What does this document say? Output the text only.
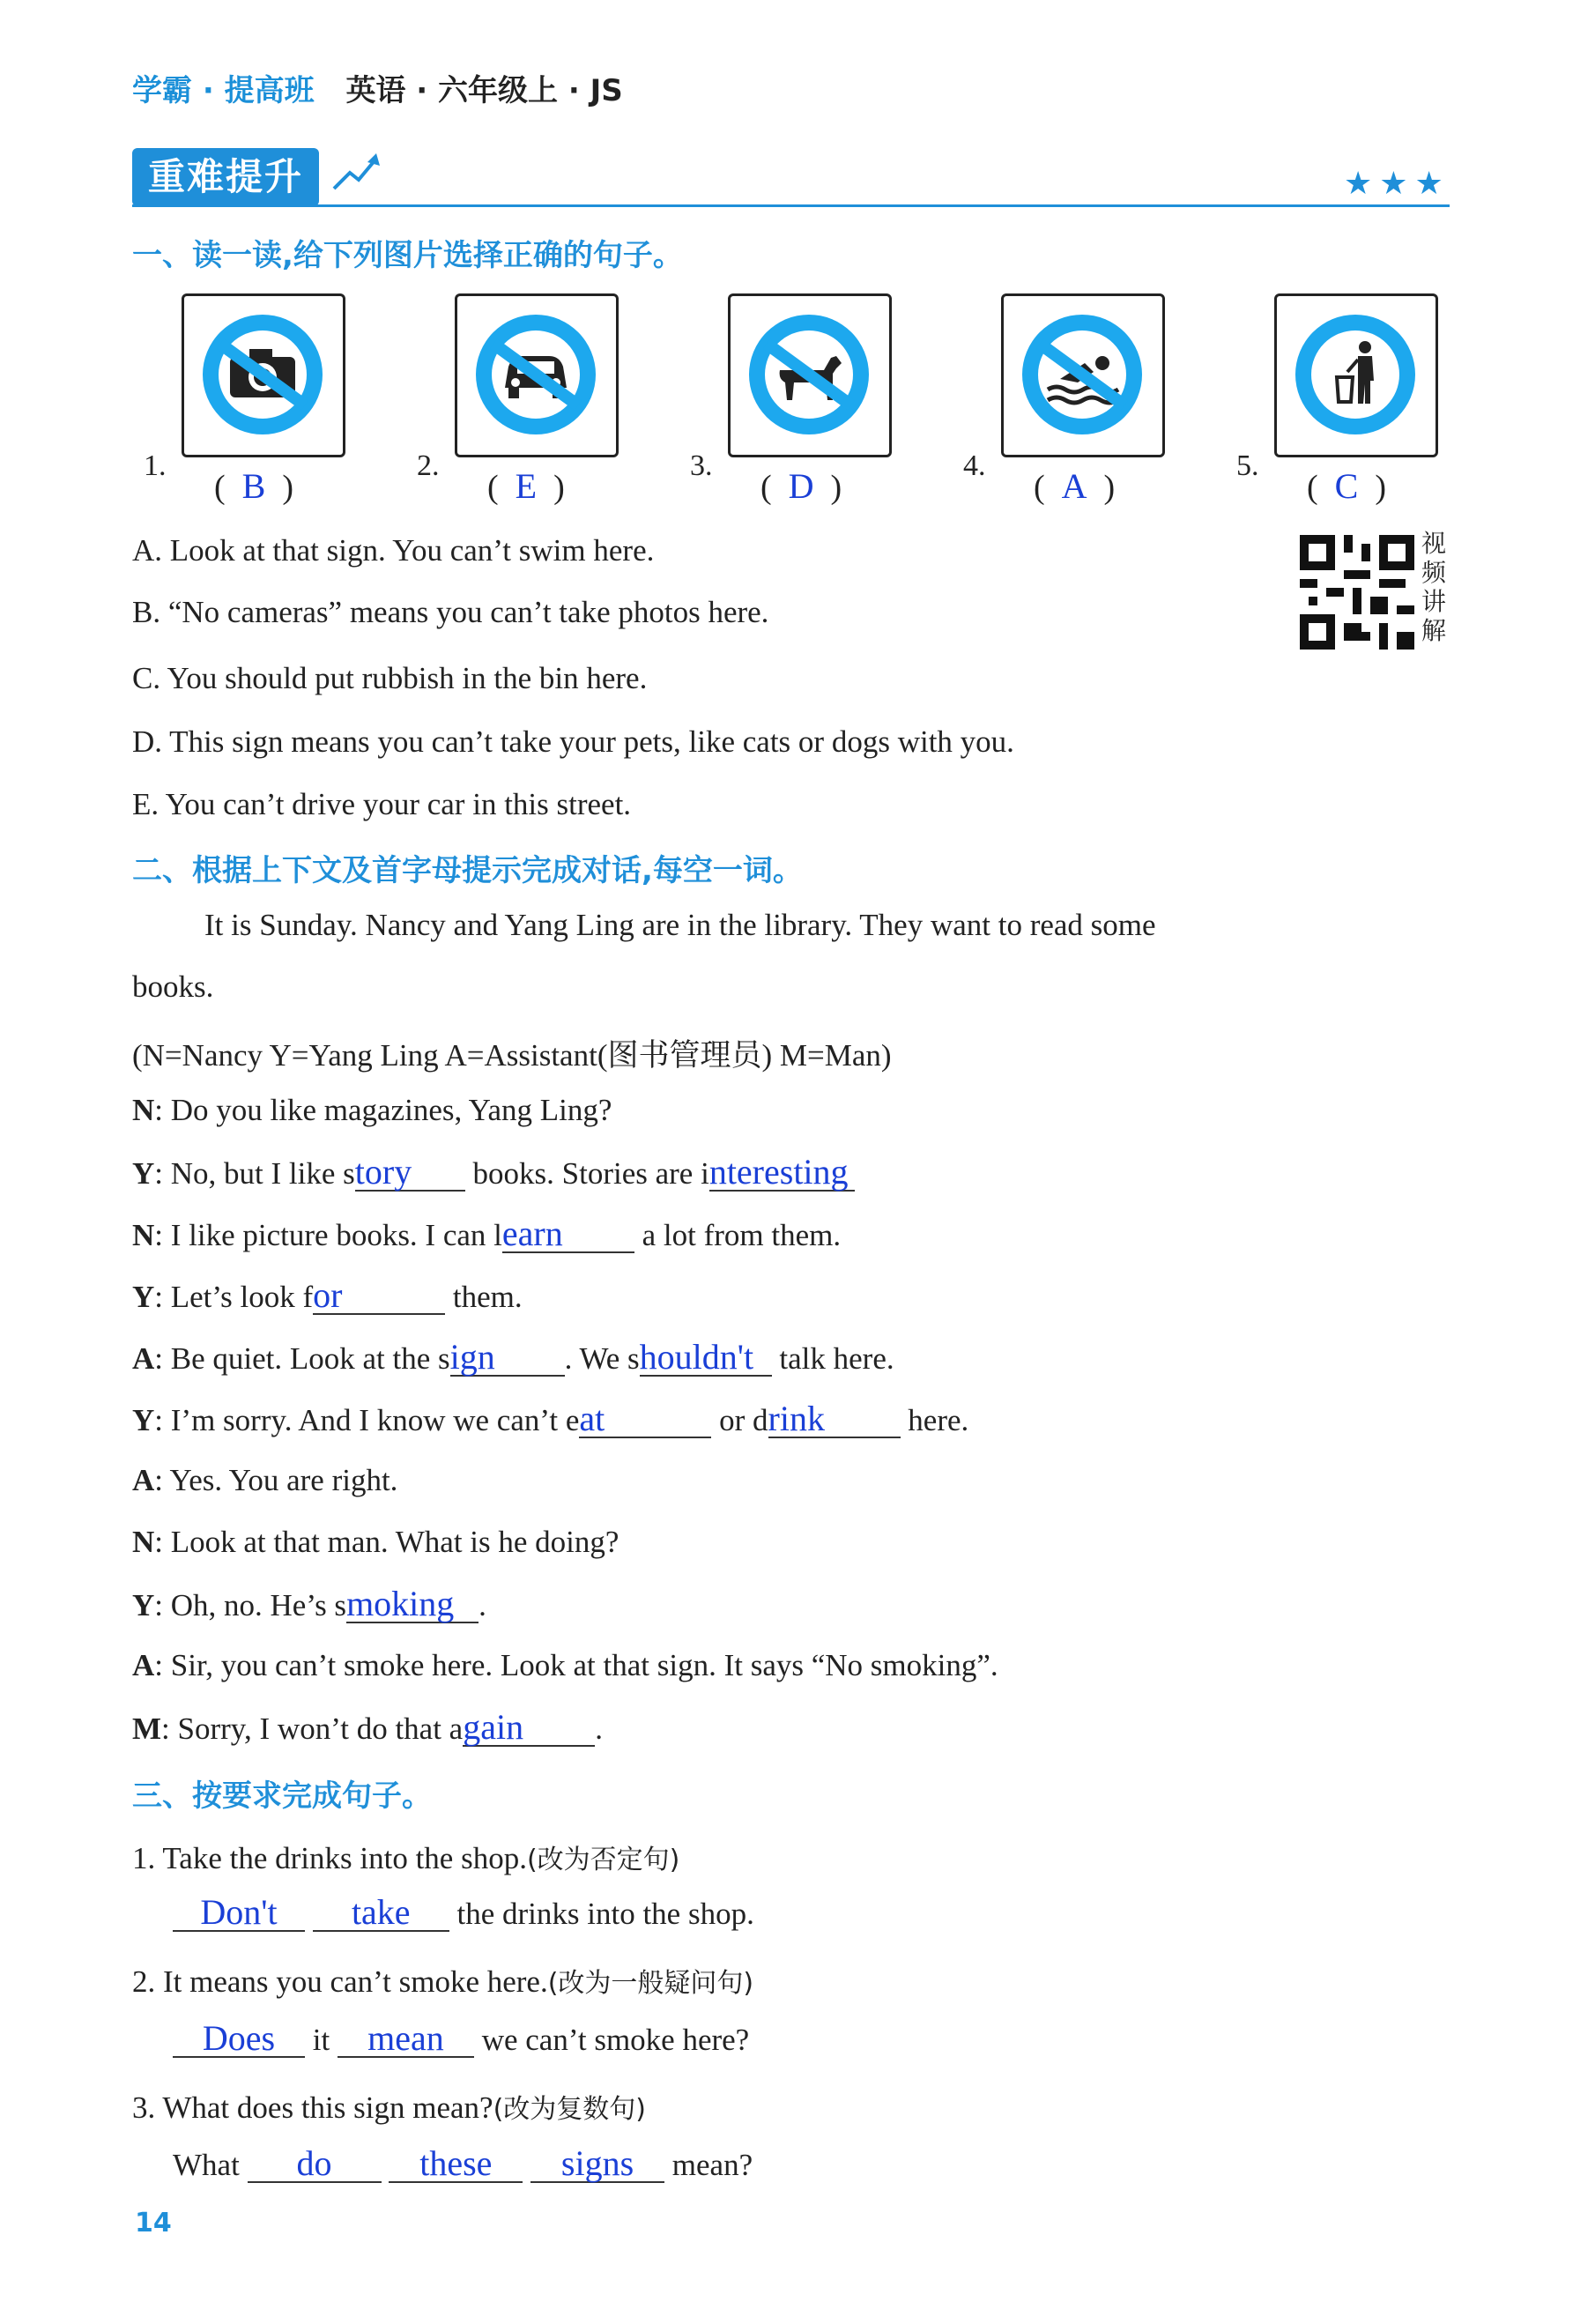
学霸 · 提高班 英语 · 六年级上 · JS
重难提升	★★★
一、读一读,给下列图片选择正确的句子。
1.
(  B  )
2.
(  E  )
3.
(  D  )
4.
(  A  )
5.
(  C  )
A. Look at that sign. You can’t swim here.
B. “No cameras” means you can’t take photos here.
C. You should put rubbish in the bin here.
D. This sign means you can’t take your pets, like cats or dogs with you.
E. You can’t drive your car in this street.
视频讲解
二、根据上下文及首字母提示完成对话,每空一词。
It is Sunday. Nancy and Yang Ling are in the library. They want to read some
books.
(N=Nancy Y=Yang Ling A=Assistant(图书管理员) M=Man)
N: Do you like magazines, Yang Ling?
Y: No, but I like story books. Stories are interesting
N: I like picture books. I can learn a lot from them.
Y: Let’s look for	them.
A: Be quiet. Look at the sign . We shouldn't talk here.
Y: I’m sorry. And I know we can’t eat	or drink here.
A: Yes. You are right.
N: Look at that man. What is he doing?
Y: Oh, no. He’s smoking .
A: Sir, you can’t smoke here. Look at that sign. It says “No smoking”.
M: Sorry, I won’t do that again .
三、按要求完成句子。
1. Take the drinks into the shop.(改为否定句)
Don't take the drinks into the shop.
2. It means you can’t smoke here.(改为一般疑问句)
Does it mean we can’t smoke here?
3. What does this sign mean?(改为复数句)
What do these signs mean?
14
